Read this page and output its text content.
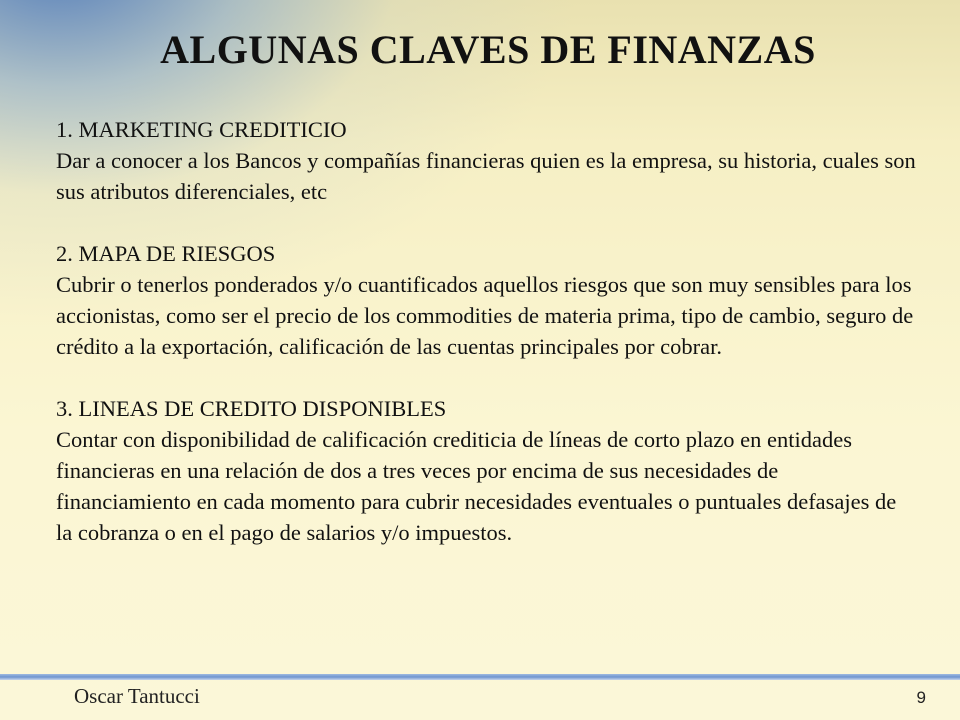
ALGUNAS CLAVES DE FINANZAS

1. MARKETING CREDITICIO

Dar a conocer a los Bancos y compañías financieras quien es la empresa, su historia, cuales son sus atributos diferenciales, etc

2. MAPA DE RIESGOS

Cubrir o tenerlos ponderados y/o cuantificados aquellos riesgos que son muy sensibles para los accionistas, como ser el precio de los commodities de materia prima, tipo de cambio, seguro de crédito a la exportación, calificación de las cuentas principales por cobrar.

3. LINEAS DE CREDITO DISPONIBLES

Contar con disponibilidad de calificación crediticia de líneas de corto plazo en entidades financieras en una relación de dos a tres veces por encima de sus necesidades de financiamiento en cada momento para cubrir necesidades eventuales o puntuales defasajes de la cobranza o en el pago de salarios y/o impuestos.

Oscar Tantucci	9
